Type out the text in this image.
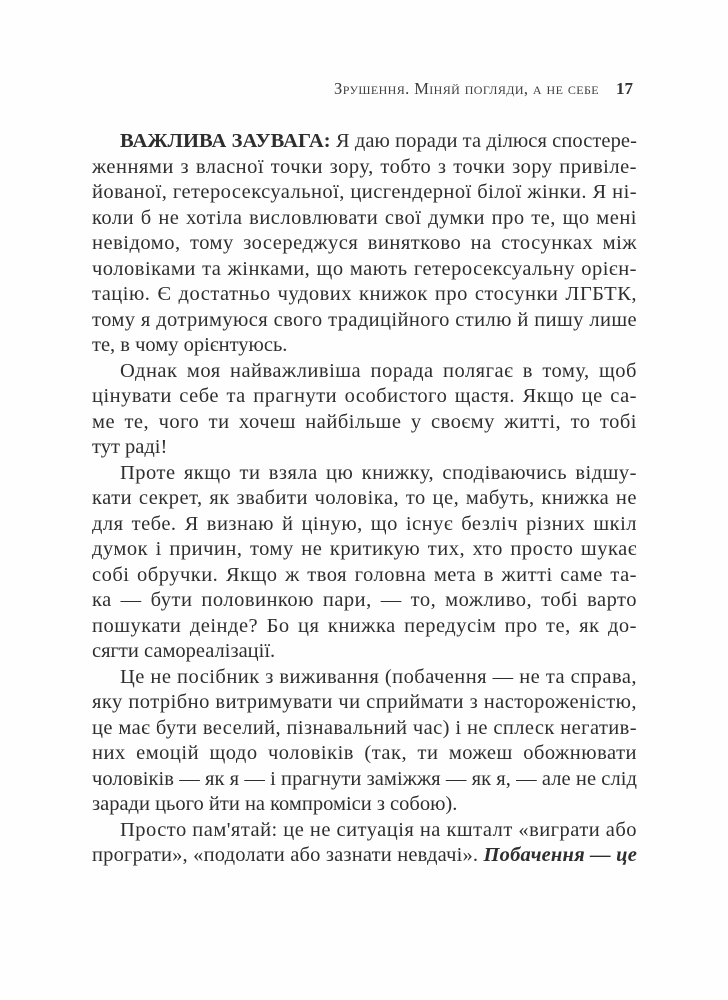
Зрушення. Міняй погляди, а не себе 17
ВАЖЛИВА ЗАУВАГА: Я даю поради та ділюся спостере-
женнями з власної точки зору, тобто з точки зору привіле-
йованої, гетеросексуальної, цисгендерної білої жінки. Я ні-
коли б не хотіла висловлювати свої думки про те, що мені
невідомо, тому зосереджуся винятково на стосунках між
чоловіками та жінками, що мають гетеросексуальну орієн-
тацію. Є достатньо чудових книжок про стосунки ЛГБТК,
тому я дотримуюся свого традиційного стилю й пишу лише
те, в чому орієнтуюсь.
Однак моя найважливіша порада полягає в тому, щоб
цінувати себе та прагнути особистого щастя. Якщо це са-
ме те, чого ти хочеш найбільше у своєму житті, то тобі
тут раді!
Проте якщо ти взяла цю книжку, сподіваючись відшу-
кати секрет, як звабити чоловіка, то це, мабуть, книжка не
для тебе. Я визнаю й ціную, що існує безліч різних шкіл
думок і причин, тому не критикую тих, хто просто шукає
собі обручки. Якщо ж твоя головна мета в житті саме та-
ка — бути половинкою пари, — то, можливо, тобі варто
пошукати деінде? Бо ця книжка передусім про те, як до-
сягти самореалізації.
Це не посібник з виживання (побачення — не та справа,
яку потрібно витримувати чи сприймати з настороженістю,
це має бути веселий, пізнавальний час) і не сплеск негатив-
них емоцій щодо чоловіків (так, ти можеш обожнювати
чоловіків — як я — і прагнути заміжжя — як я, — але не слід
заради цього йти на компроміси з собою).
Просто пам'ятай: це не ситуація на кшталт «виграти або
програти», «подолати або зазнати невдачі». Побачення — це
